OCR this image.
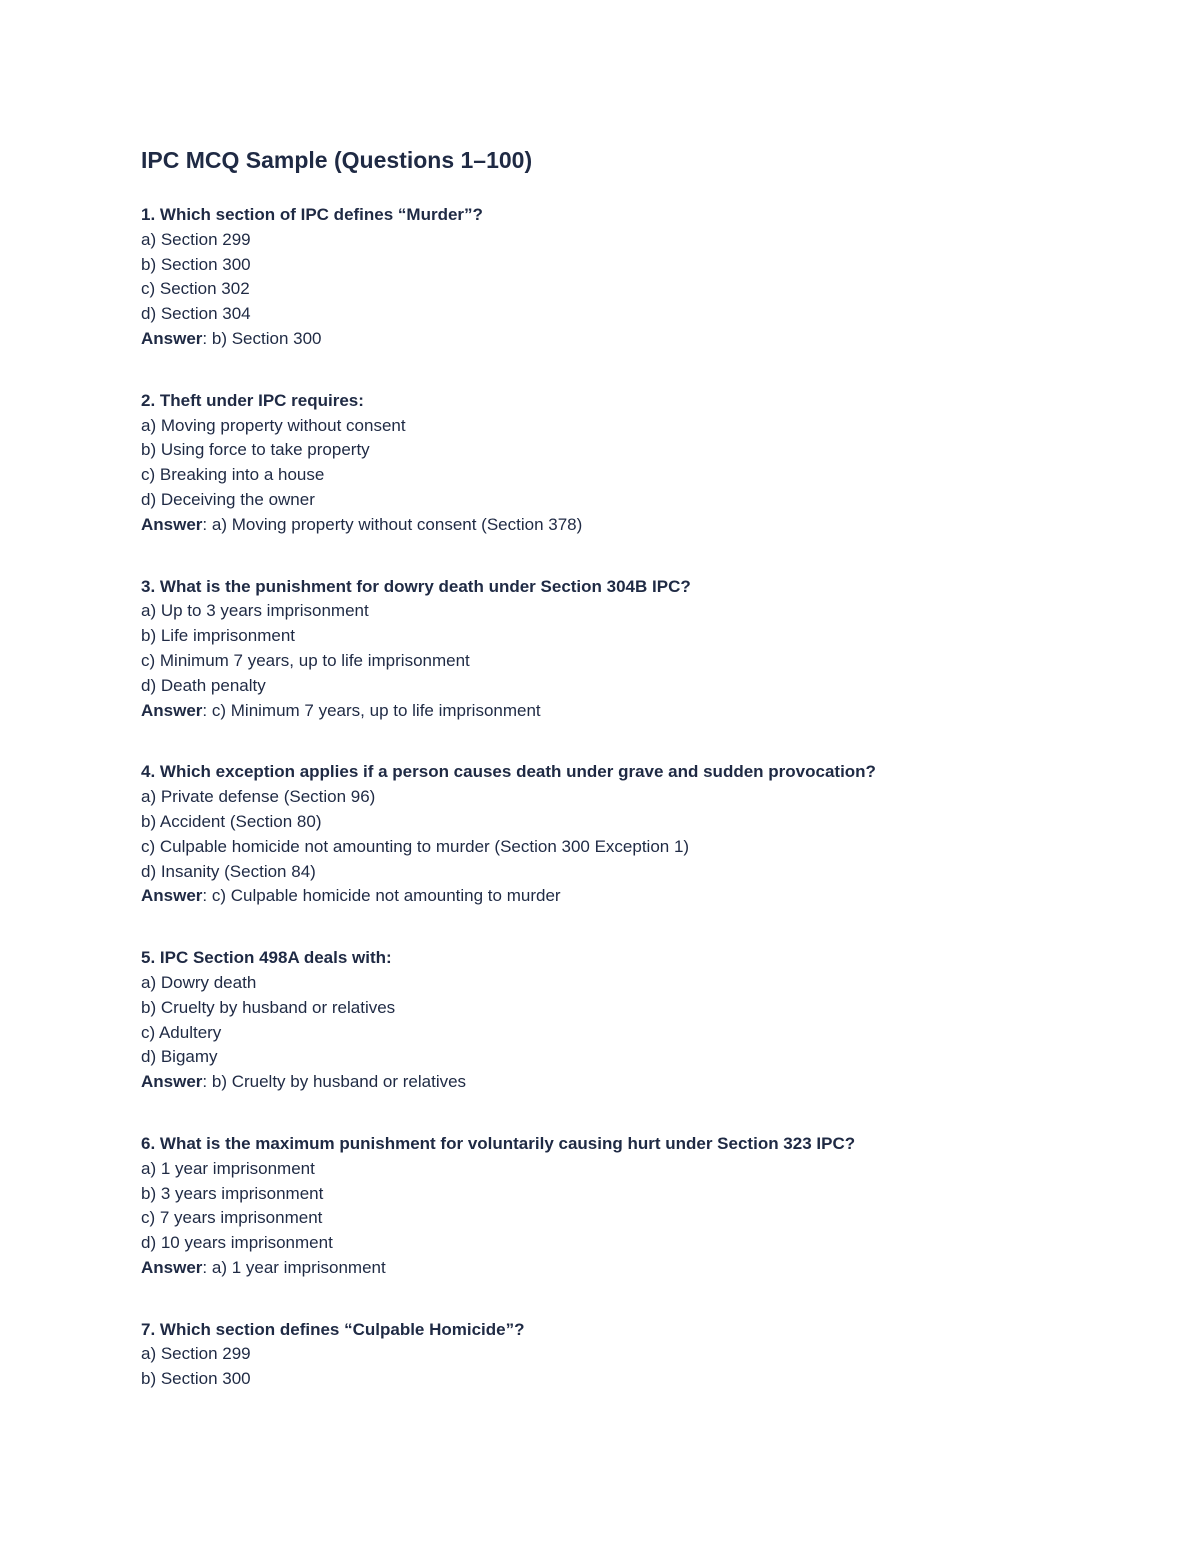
IPC MCQ Sample (Questions 1–100)
1. Which section of IPC defines “Murder”?
a) Section 299
b) Section 300
c) Section 302
d) Section 304
Answer: b) Section 300
2. Theft under IPC requires:
a) Moving property without consent
b) Using force to take property
c) Breaking into a house
d) Deceiving the owner
Answer: a) Moving property without consent (Section 378)
3. What is the punishment for dowry death under Section 304B IPC?
a) Up to 3 years imprisonment
b) Life imprisonment
c) Minimum 7 years, up to life imprisonment
d) Death penalty
Answer: c) Minimum 7 years, up to life imprisonment
4. Which exception applies if a person causes death under grave and sudden provocation?
a) Private defense (Section 96)
b) Accident (Section 80)
c) Culpable homicide not amounting to murder (Section 300 Exception 1)
d) Insanity (Section 84)
Answer: c) Culpable homicide not amounting to murder
5. IPC Section 498A deals with:
a) Dowry death
b) Cruelty by husband or relatives
c) Adultery
d) Bigamy
Answer: b) Cruelty by husband or relatives
6. What is the maximum punishment for voluntarily causing hurt under Section 323 IPC?
a) 1 year imprisonment
b) 3 years imprisonment
c) 7 years imprisonment
d) 10 years imprisonment
Answer: a) 1 year imprisonment
7. Which section defines “Culpable Homicide”?
a) Section 299
b) Section 300
